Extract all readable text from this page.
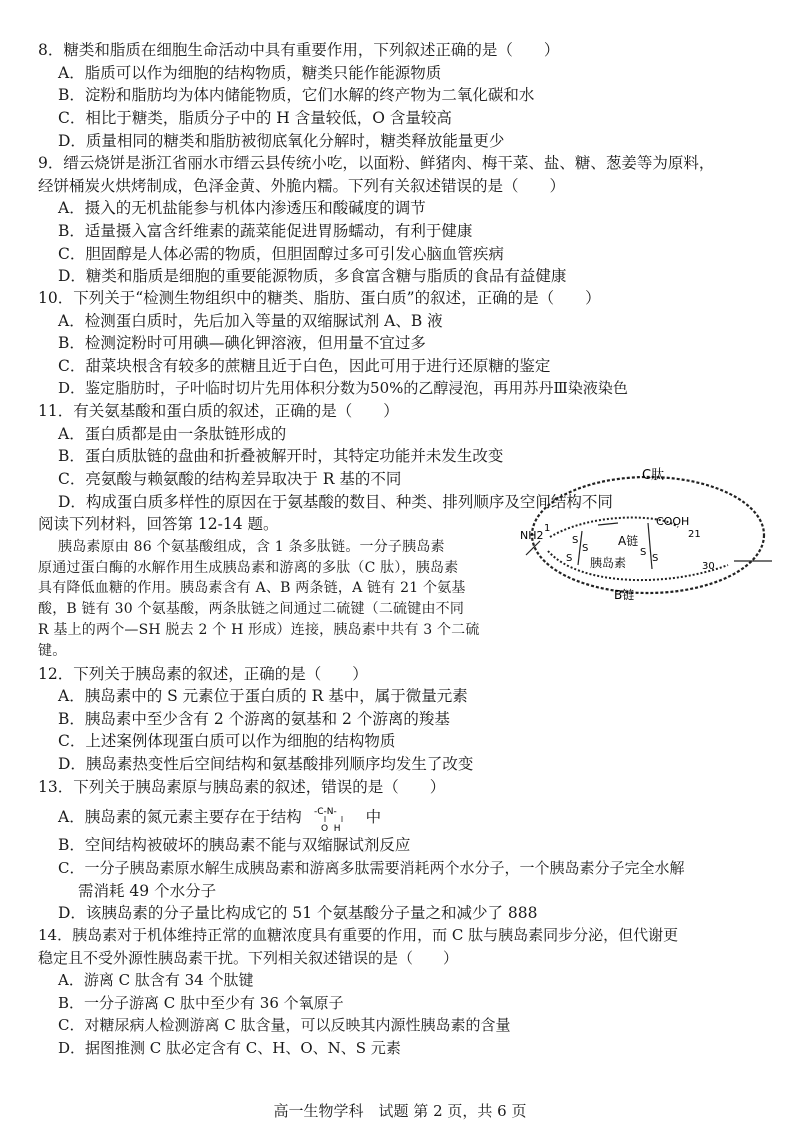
8．糖类和脂质在细胞生命活动中具有重要作用，下列叙述正确的是（　　）
A．脂质可以作为细胞的结构物质，糖类只能作能源物质
B．淀粉和脂肪均为体内储能物质，它们水解的终产物为二氧化碳和水
C．相比于糖类，脂质分子中的 H 含量较低，O 含量较高
D．质量相同的糖类和脂肪被彻底氧化分解时，糖类释放能量更少
9．缙云烧饼是浙江省丽水市缙云县传统小吃，以面粉、鲜猪肉、梅干菜、盐、糖、葱姜等为原料，
经饼桶炭火烘烤制成，色泽金黄、外脆内糯。下列有关叙述错误的是（　　）
A．摄入的无机盐能参与机体内渗透压和酸碱度的调节
B．适量摄入富含纤维素的蔬菜能促进胃肠蠕动，有利于健康
C．胆固醇是人体必需的物质，但胆固醇过多可引发心脑血管疾病
D．糖类和脂质是细胞的重要能源物质，多食富含糖与脂质的食品有益健康
10．下列关于“检测生物组织中的糖类、脂肪、蛋白质”的叙述，正确的是（　　）
A．检测蛋白质时，先后加入等量的双缩脲试剂 A、B 液
B．检测淀粉时可用碘—碘化钾溶液，但用量不宜过多
C．甜菜块根含有较多的蔗糖且近于白色，因此可用于进行还原糖的鉴定
D．鉴定脂肪时，子叶临时切片先用体积分数为50%的乙醇浸泡，再用苏丹Ⅲ染液染色
11．有关氨基酸和蛋白质的叙述，正确的是（　　）
A．蛋白质都是由一条肽链形成的
B．蛋白质肽链的盘曲和折叠被解开时，其特定功能并未发生改变
C．亮氨酸与赖氨酸的结构差异取决于 R 基的不同
D．构成蛋白质多样性的原因在于氨基酸的数目、种类、排列顺序及空间结构不同
阅读下列材料，回答第 12-14 题。
胰岛素原由 86 个氨基酸组成，含 1 条多肽链。一分子胰岛素
原通过蛋白酶的水解作用生成胰岛素和游离的多肽（C 肽），胰岛素
具有降低血糖的作用。胰岛素含有 A、B 两条链，A 链有 21 个氨基
酸，B 链有 30 个氨基酸，两条肽链之间通过二硫键（二硫键由不同
R 基上的两个—SH 脱去 2 个 H 形成）连接，胰岛素中共有 3 个二硫
键。
C肽
NH2
1
COOH
21
A链
胰岛素	30
B链
S
S
S
S
S
12．下列关于胰岛素的叙述，正确的是（　　）
A．胰岛素中的 S 元素位于蛋白质的 R 基中，属于微量元素
B．胰岛素中至少含有 2 个游离的氨基和 2 个游离的羧基
C．上述案例体现蛋白质可以作为细胞的结构物质
D．胰岛素热变性后空间结构和氨基酸排列顺序均发生了改变
13．下列关于胰岛素原与胰岛素的叙述，错误的是（　　）
A．胰岛素的氮元素主要存在于结构 -C-N-
O  H
中
B．空间结构被破坏的胰岛素不能与双缩脲试剂反应
C．一分子胰岛素原水解生成胰岛素和游离多肽需要消耗两个水分子，一个胰岛素分子完全水解
需消耗 49 个水分子
D．该胰岛素的分子量比构成它的 51 个氨基酸分子量之和减少了 888
14．胰岛素对于机体维持正常的血糖浓度具有重要的作用，而 C 肽与胰岛素同步分泌，但代谢更
高一生物学科　试题 第 2 页，共 6 页
稳定且不受外源性胰岛素干扰。下列相关叙述错误的是（　　）
A．游离 C 肽含有 34 个肽键
B．一分子游离 C 肽中至少有 36 个氧原子
C．对糖尿病人检测游离 C 肽含量，可以反映其内源性胰岛素的含量
D．据图推测 C 肽必定含有 C、H、O、N、S 元素
